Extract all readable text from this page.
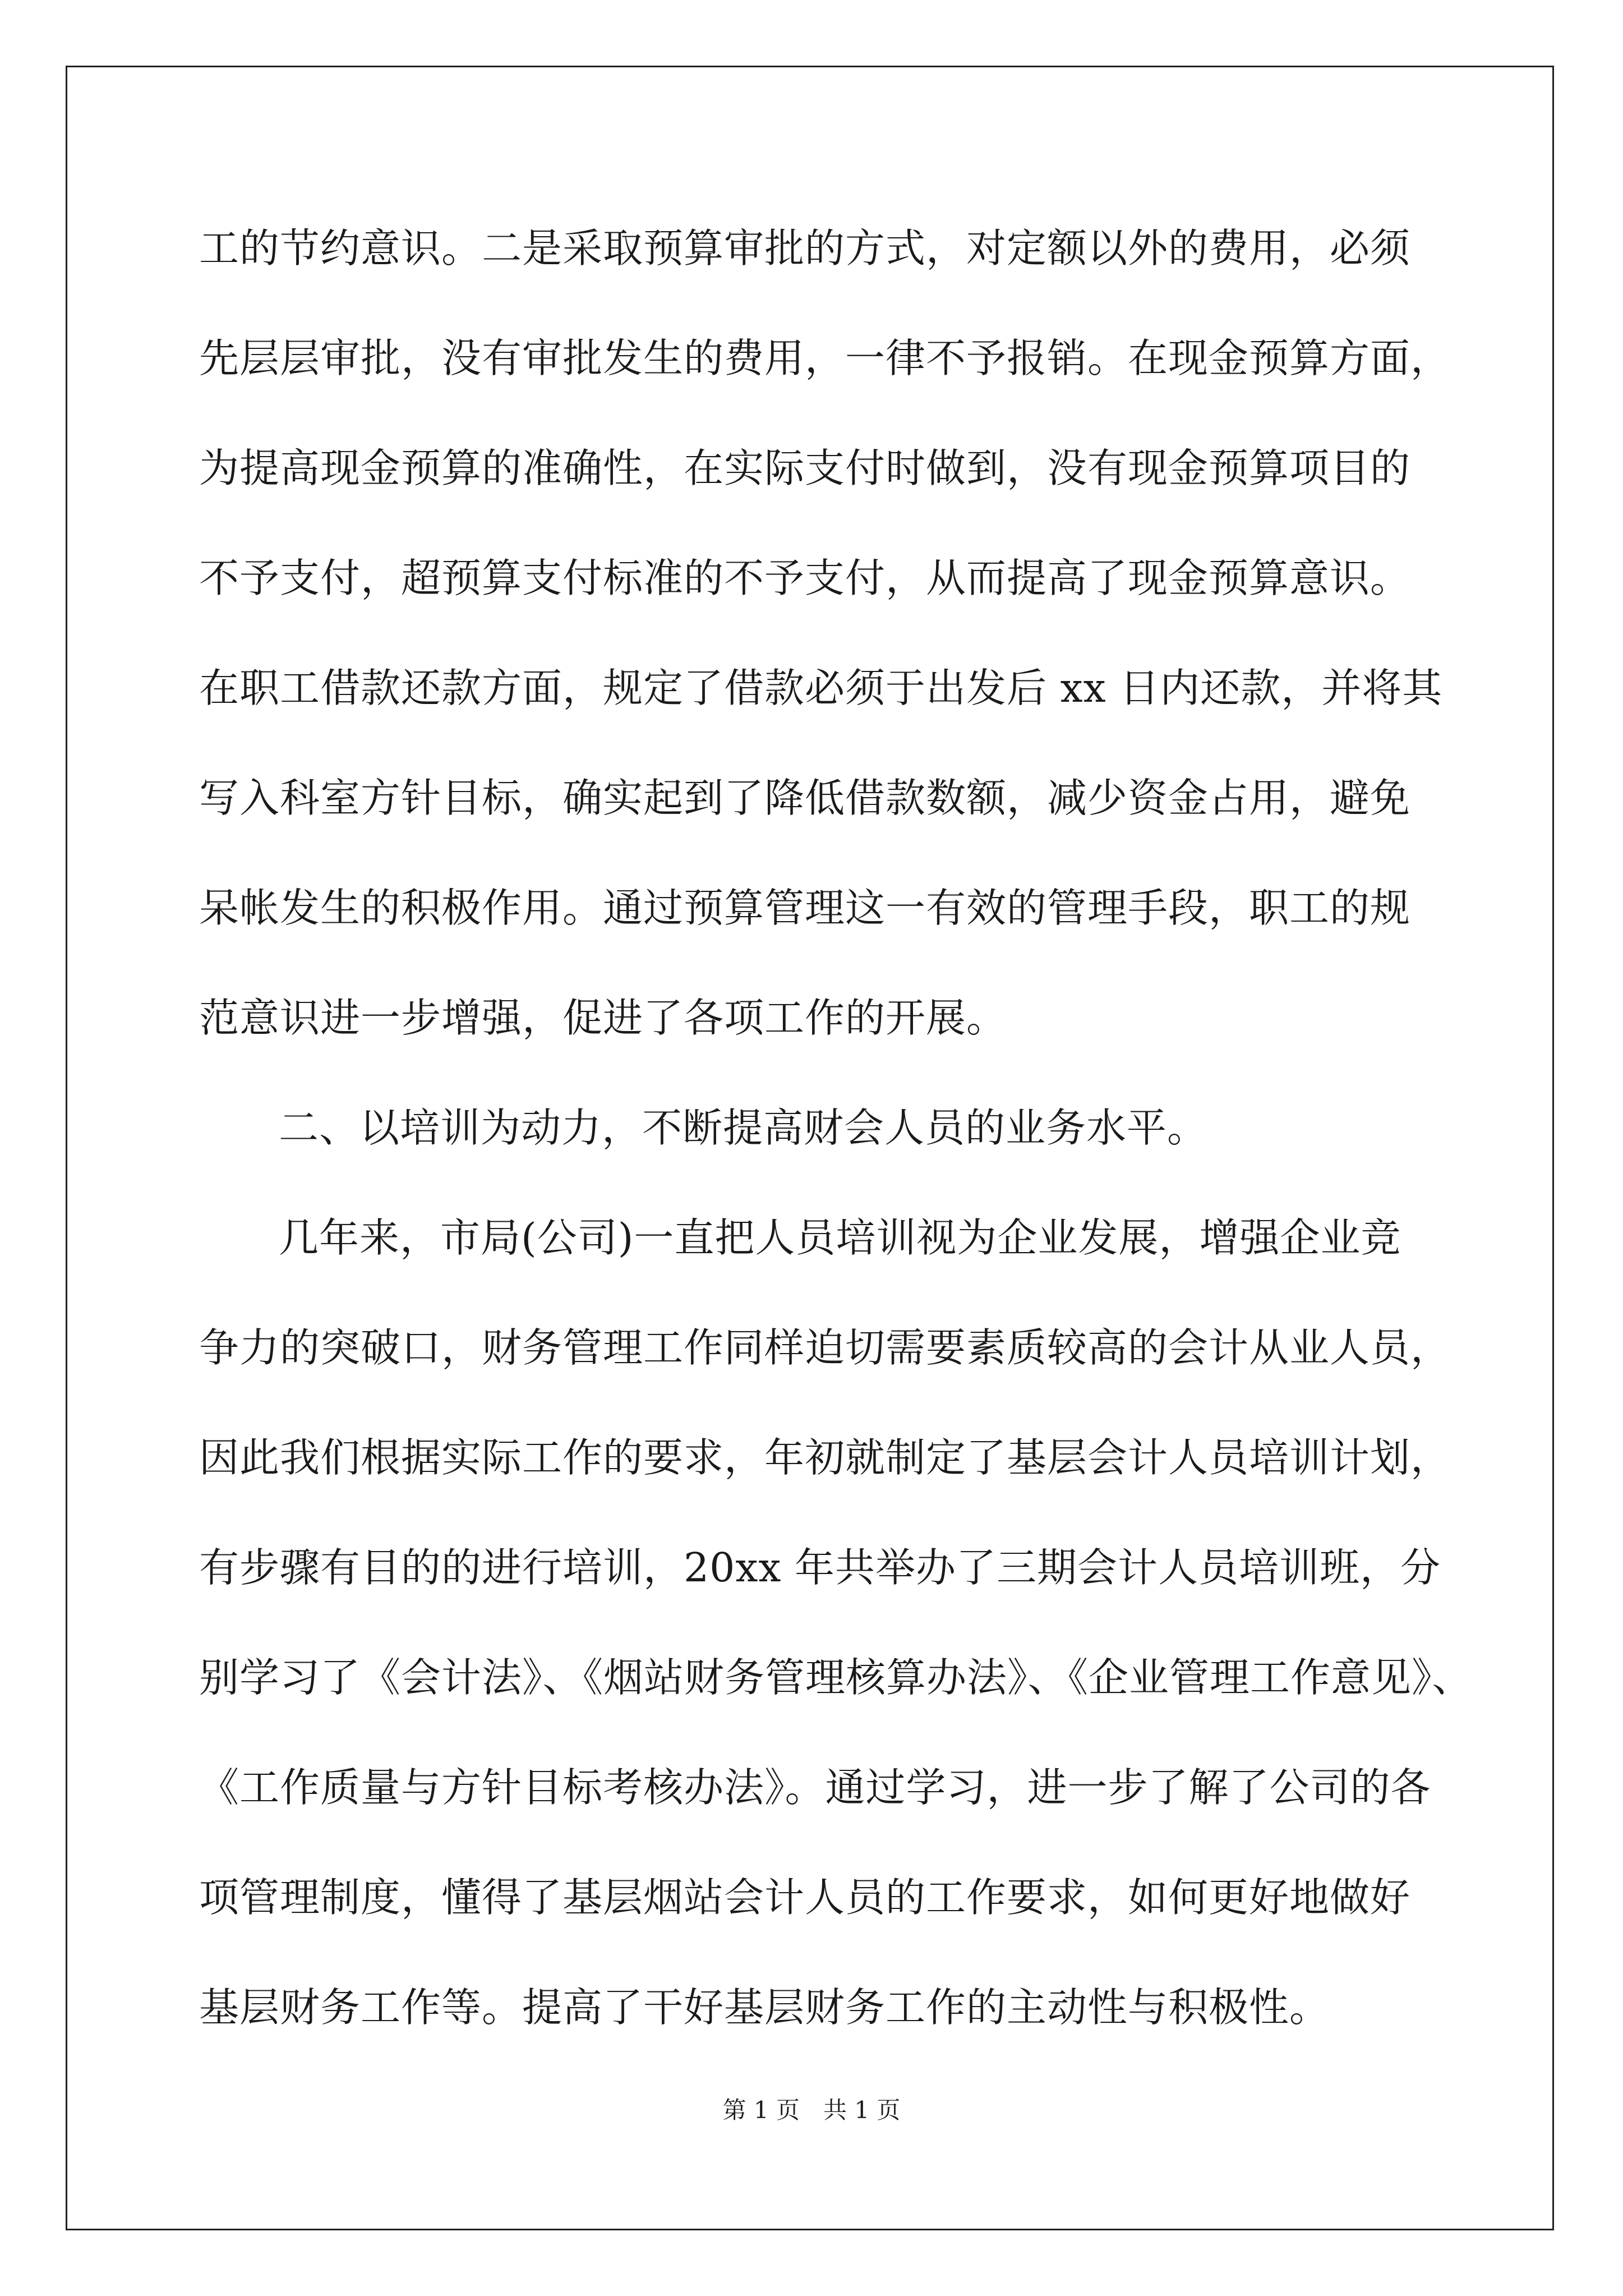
工的节约意识。二是采取预算审批的方式，对定额以外的费用，必须
先层层审批，没有审批发生的费用，一律不予报销。在现金预算方面，
为提高现金预算的准确性，在实际支付时做到，没有现金预算项目的
不予支付，超预算支付标准的不予支付，从而提高了现金预算意识。
在职工借款还款方面，规定了借款必须于出发后 xx 日内还款，并将其
写入科室方针目标，确实起到了降低借款数额，减少资金占用，避免
呆帐发生的积极作用。通过预算管理这一有效的管理手段，职工的规
范意识进一步增强，促进了各项工作的开展。
二、以培训为动力，不断提高财会人员的业务水平。
几年来，市局(公司)一直把人员培训视为企业发展，增强企业竞
争力的突破口，财务管理工作同样迫切需要素质较高的会计从业人员，
因此我们根据实际工作的要求，年初就制定了基层会计人员培训计划，
有步骤有目的的进行培训，20xx 年共举办了三期会计人员培训班，分
别学习了《会计法》、《烟站财务管理核算办法》、《企业管理工作意见》、
《工作质量与方针目标考核办法》。通过学习，进一步了解了公司的各
项管理制度，懂得了基层烟站会计人员的工作要求，如何更好地做好
基层财务工作等。提高了干好基层财务工作的主动性与积极性。
第 1 页　共 1 页
